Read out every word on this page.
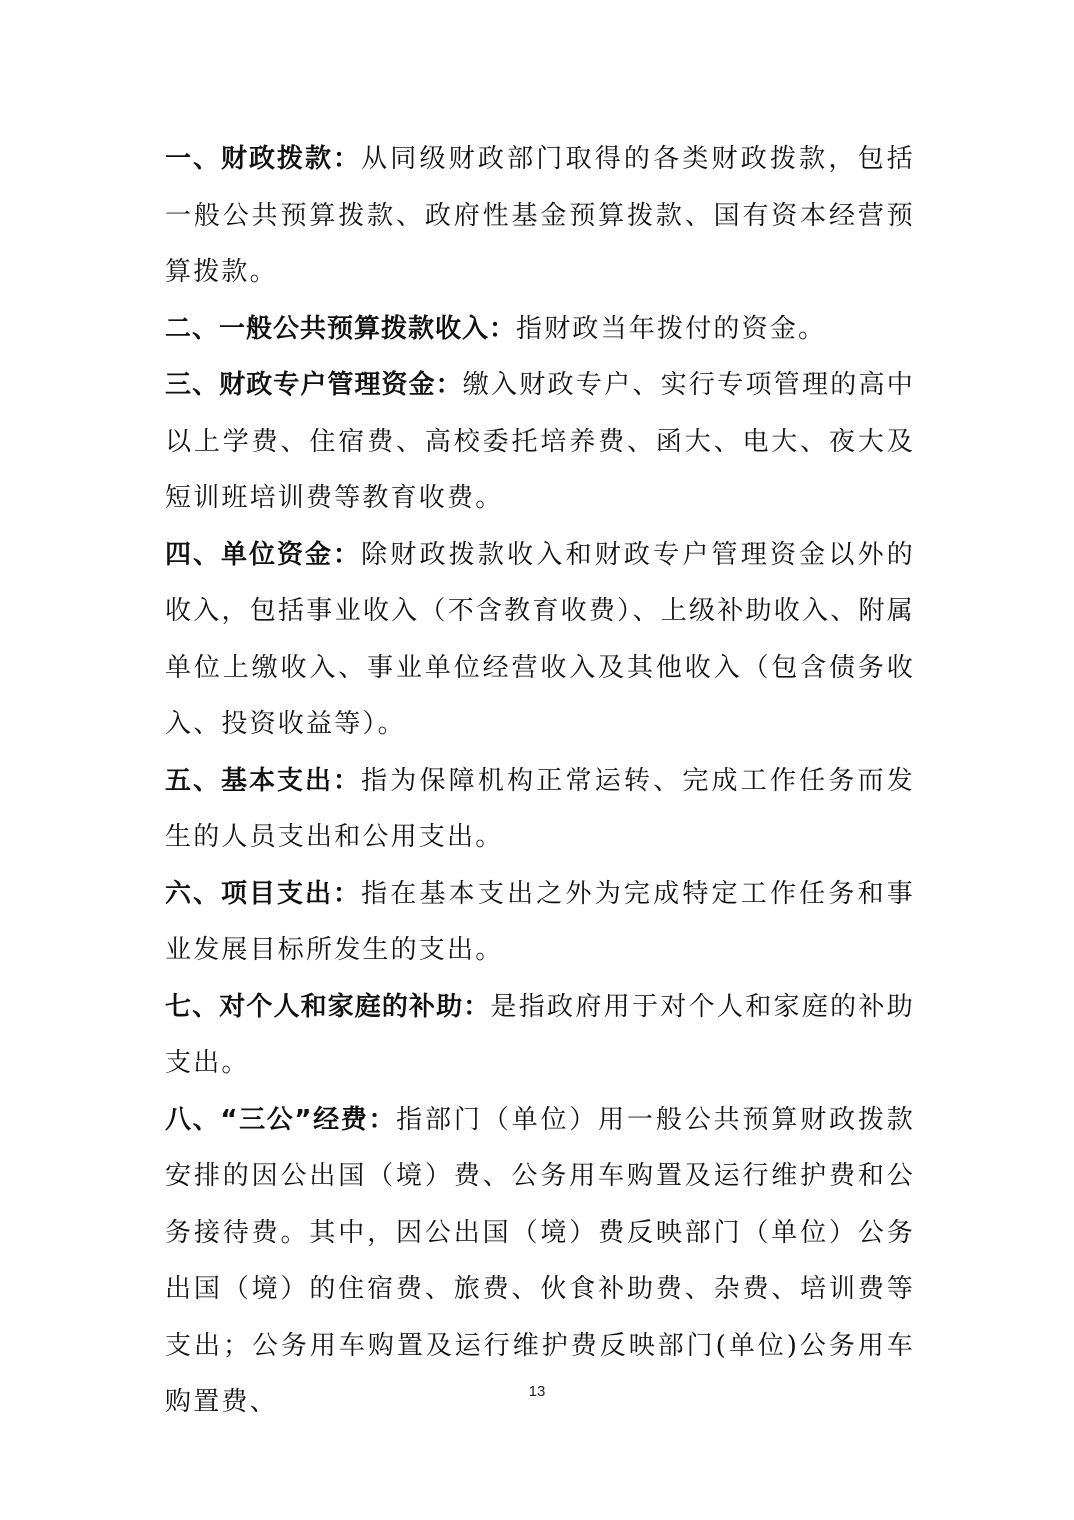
一、财政拨款：从同级财政部门取得的各类财政拨款，包括一般公共预算拨款、政府性基金预算拨款、国有资本经营预算拨款。

二、一般公共预算拨款收入：指财政当年拨付的资金。

三、财政专户管理资金：缴入财政专户、实行专项管理的高中以上学费、住宿费、高校委托培养费、函大、电大、夜大及短训班培训费等教育收费。

四、单位资金：除财政拨款收入和财政专户管理资金以外的收入，包括事业收入（不含教育收费）、上级补助收入、附属单位上缴收入、事业单位经营收入及其他收入（包含债务收入、投资收益等）。

五、基本支出：指为保障机构正常运转、完成工作任务而发生的人员支出和公用支出。

六、项目支出：指在基本支出之外为完成特定工作任务和事业发展目标所发生的支出。

七、对个人和家庭的补助：是指政府用于对个人和家庭的补助支出。

八、“三公”经费：指部门（单位）用一般公共预算财政拨款安排的因公出国（境）费、公务用车购置及运行维护费和公务接待费。其中，因公出国（境）费反映部门（单位）公务出国（境）的住宿费、旅费、伙食补助费、杂费、培训费等支出；公务用车购置及运行维护费反映部门(单位)公务用车购置费、	13
